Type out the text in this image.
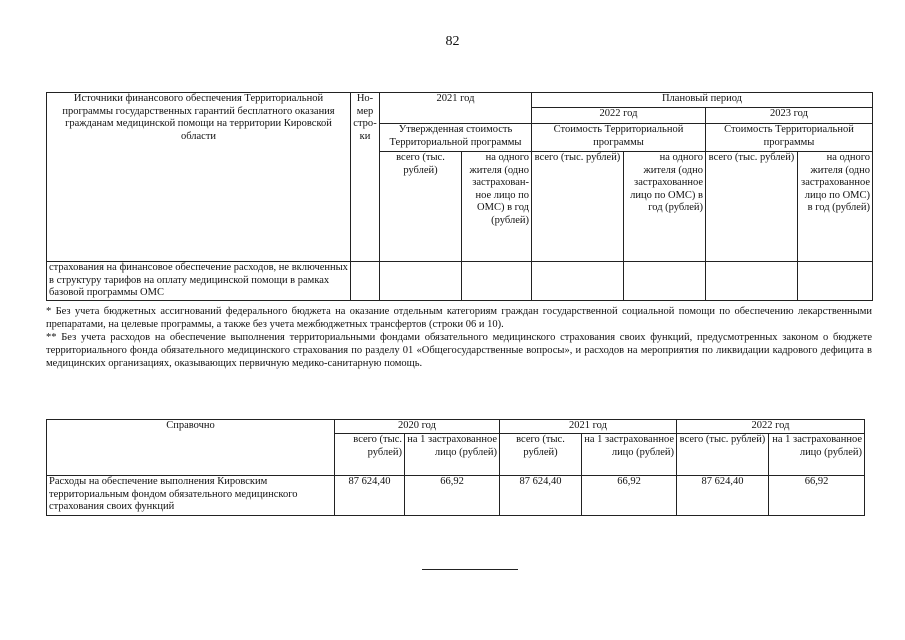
82
Источники финансового обеспечения Территориальной программы государственных гарантий бесплатного оказания гражданам медицинской помощи на территории Кировской области	Номер строки	2021 год		Плановый период			
				2022 год		2023 год	
		Утвержденная стоимость Территориальной программы		Стоимость Территориальной программы		Стоимость Территориальной программы	
		всего (тыс. рублей)	на одного жителя (одно застрахованное лицо по ОМС) в год (рублей)	всего (тыс. рублей)	на одного жителя (одно застрахованное лицо по ОМС) в год (рублей)	всего (тыс. рублей)	на одного жителя (одно застрахованное лицо по ОМС) в год (рублей)
страхования на финансовое обеспечение расходов, не включенных в структуру тарифов на оплату медицинской помощи в рамках базовой программы ОМС							

* Без учета бюджетных ассигнований федерального бюджета на оказание отдельным категориям граждан государственной социальной помощи по обеспечению лекарственными препаратами, на целевые программы, а также без учета межбюджетных трансфертов (строки 06 и 10).

** Без учета расходов на обеспечение выполнения территориальными фондами обязательного медицинского страхования своих функций, предусмотренных законом о бюджете территориального фонда обязательного медицинского страхования по разделу 01 «Общегосударственные вопросы», и расходов на мероприятия по ликвидации кадрового дефицита в медицинских организациях, оказывающих первичную медико-санитарную помощь.

Справочно	2020 год		2021 год		2022 год	
	всего (тыс. рублей)	на 1 застрахованное лицо (рублей)	всего (тыс. рублей)	на 1 застрахованное лицо (рублей)	всего (тыс. рублей)	на 1 застрахованное лицо (рублей)
Расходы на обеспечение выполнения Кировским территориальным фондом обязательного медицинского страхования своих функций	87 624,40	66,92	87 624,40	66,92	87 624,40	66,92
